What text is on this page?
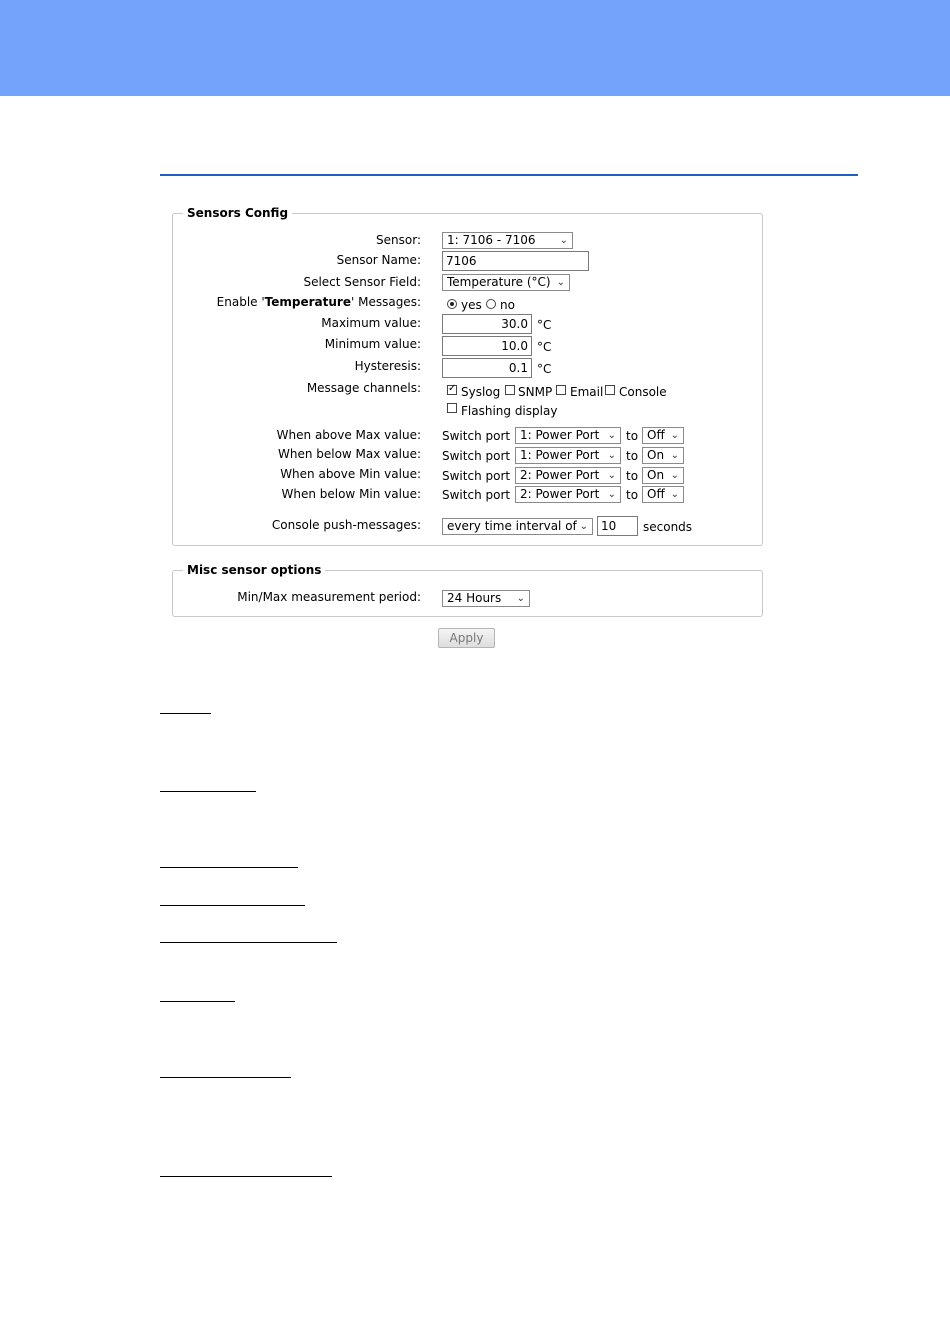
Sensors Config
Sensor:	1: 7106 - 7106 ⌄
Sensor Name:	7106
Select Sensor Field:	Temperature (°C) ⌄
Enable 'Temperature' Messages:	yes no
Maximum value:	30.0 °C
Minimum value:	10.0 °C
Hysteresis:	0.1 °C
Message channels:	✓ Syslog SNMP Email Console
Flashing display
When above Max value: Switch port 1: Power Port ⌄ to Off ⌄
When below Max value: Switch port 1: Power Port ⌄ to On ⌄
When above Min value: Switch port 2: Power Port ⌄ to On ⌄
When below Min value: Switch port 2: Power Port ⌄ to Off ⌄
Console push-messages:	every time interval of ⌄	10	seconds
Misc sensor options
Min/Max measurement period:	24 Hours ⌄
Apply
